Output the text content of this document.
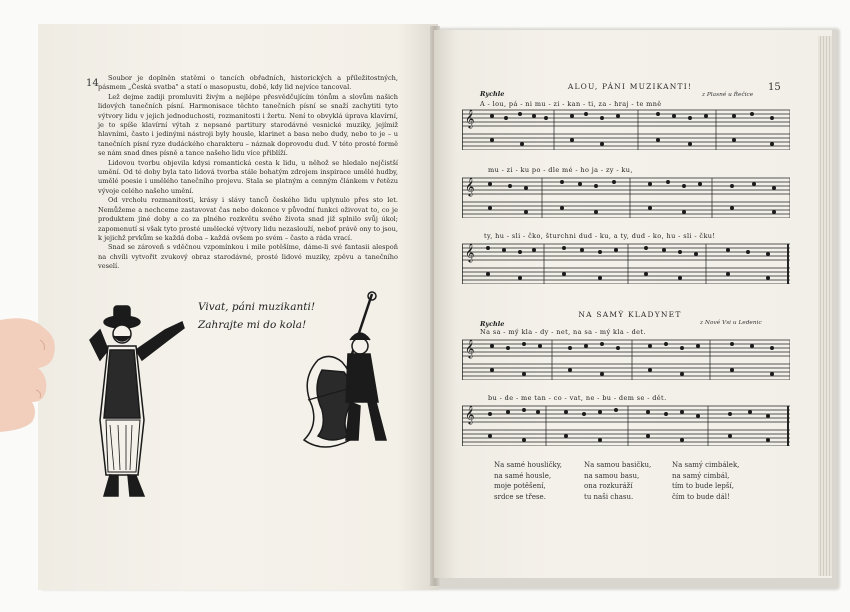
14	Soubor je doplněn statěmi o tancích obřadních, historických a příležitostných, pásmem „Česká svatba" a statí o masopustu, době, kdy lid nejvíce tancoval.

Lež dejme zadiji promluviti živým a nejlépe přesvědčujícím tónům a slovům našich lidových tanečních písní. Harmonisace těchto tanečních písní se snaží zachytiti tyto výtvory lidu v jejich jednoduchosti, rozmanitosti i žertu. Není to obvyklá úprava klavírní, je to spíše klavírní výtah z nepsané partitury starodávné vesnické muziky, jejímiž hlavními, často i jedinými nástroji byly housle, klarinet a basa nebo dudy, nebo to je – u tanečních písní ryze dudáckého charakteru – náznak doprovodu dud. V této prosté formě se nám snad dnes písně a tance našeho lidu více přiblíží.

Lidovou tvorbu objevila kdysi romantická cesta k lidu, u něhož se hledalo nejčistší umění. Od té doby byla tato lidová tvorba stále bohatým zdrojem inspirace umělé hudby, umělé poesie i umělého tanečního projevu. Stala se platným a cenným článkem v řetězu vývoje celého našeho umění.

Od vrcholu rozmanitosti, krásy i slávy tanců českého lidu uplynulo přes sto let. Nemůžeme a nechceme zastavovat čas nebo dokonce v původní funkci oživovat to, co je produktem jiné doby a co za plného rozkvětu svého života snad již splnilo svůj úkol; zapomenutí si však tyto prosté umělecké výtvory lidu nezaslouží, neboť právě ony to jsou, k jejichž prvkům se každá doba – každá ovšem po svém – často a ráda vrací.

Snad se zároveň s vděčnou vzpomínkou i mile potěšíme, dáme-li své fantasii alespoň na chvíli vytvořit zvukový obraz starodávné, prosté lidové muziky, zpěvu a tanečního veselí.

Vivat, páni muzikanti!
Zahrajte mi do kola!
15
ALOU, PÁNI MUZIKANTI!
Rychle	z Plasné u Řečice
A - lou, pá - ni mu - zi - kan - ti, za - hraj - te mně
𝄞
mu - zi - ku po - dle mé - ho ja - zy - ku,
𝄞
ty, hu - sli - čko, šturchni dud - ku, a ty, dud - ko, hu - sli - čku!
𝄞
NA SAMÝ KLADYNET
Rychle	z Nové Vsi u Ledenic
Na sa - mý kla - dy - net, na sa - mý kla - det.
𝄞
bu - de - me tan - co - vat, ne - bu - dem se - dět.
𝄞
Na samé housličky,
na samé housle,
moje potěšení,
srdce se třese.
Na samou basičku,
na samou basu,
ona rozkuráží
tu naši chasu.
Na samý cimbálek,
na samý cimbál,
tím to bude lepší,
čím to bude dál!
